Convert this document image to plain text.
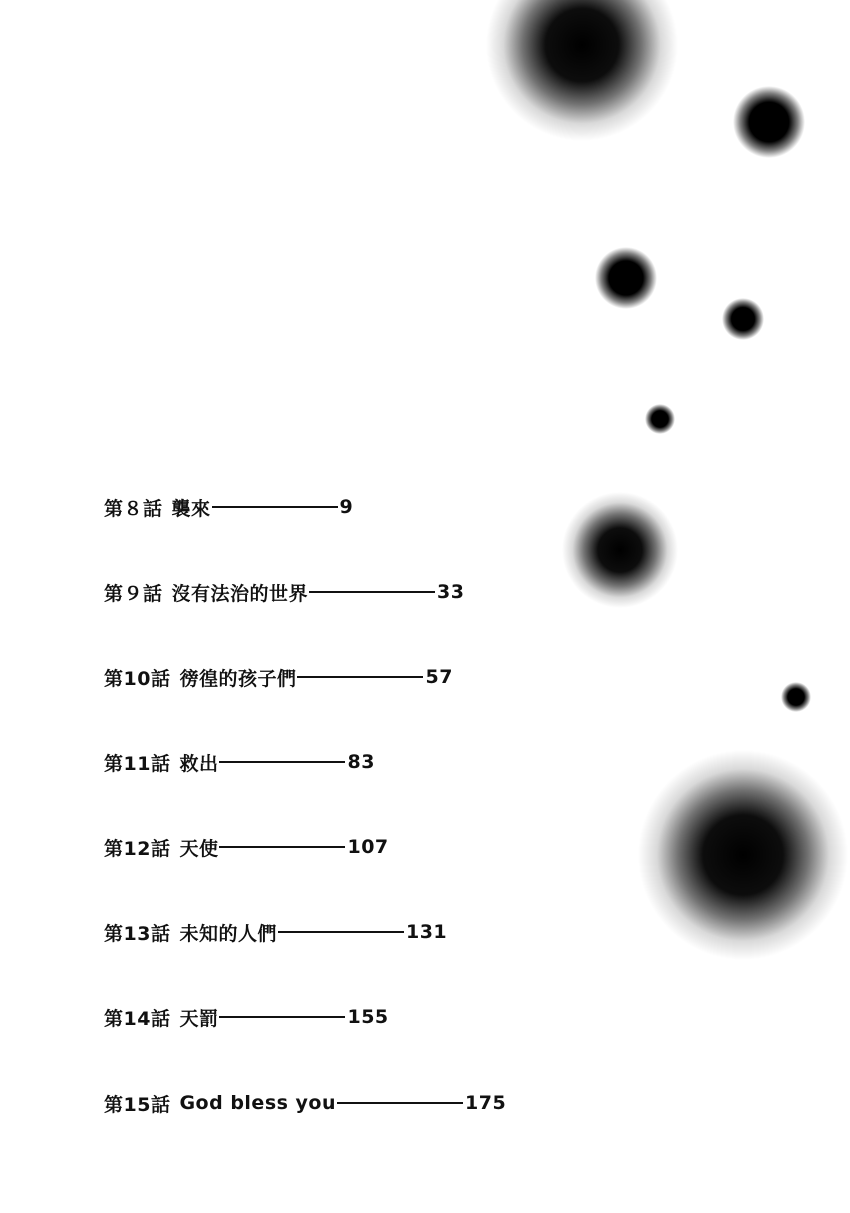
第８話 襲來	9
第９話 沒有法治的世界	33
第10話 徬徨的孩子們	57
第11話 救出	83
第12話 天使	107
第13話 未知的人們	131
第14話 天罰	155
第15話 God bless you	175
